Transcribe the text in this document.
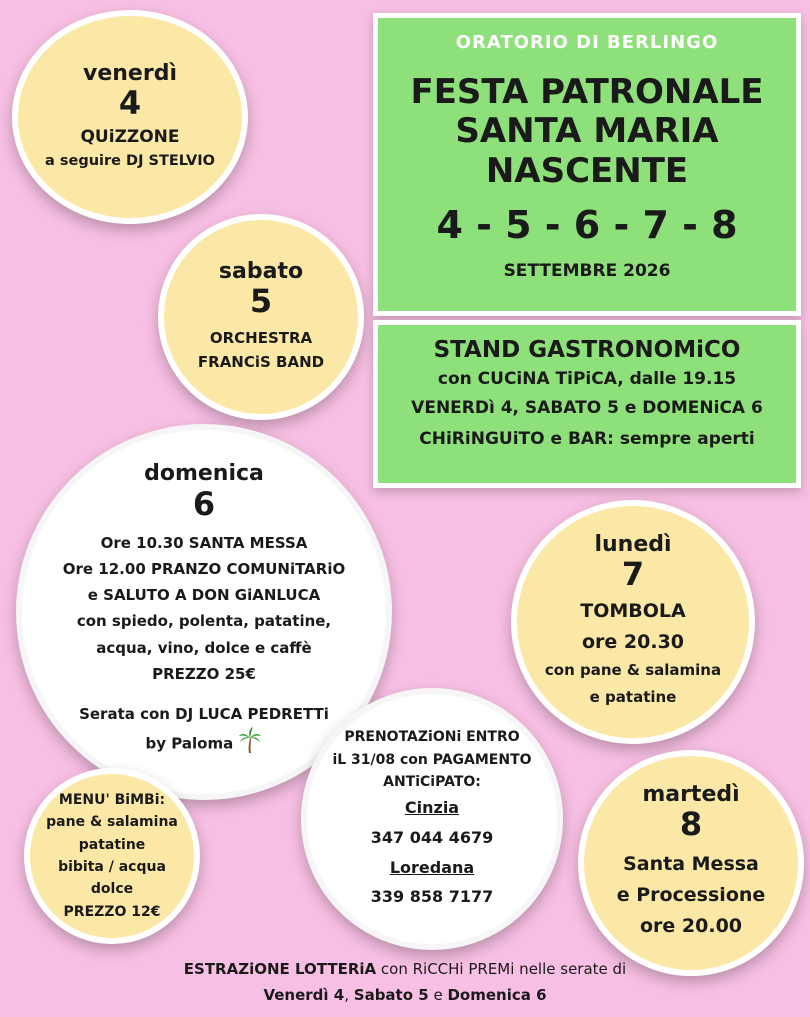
ORATORIO DI BERLINGO
FESTA PATRONALE
SANTA MARIA
NASCENTE
4 - 5 - 6 - 7 - 8
SETTEMBRE 2026
STAND GASTRONOMiCO
con CUCiNA TiPiCA, dalle 19.15
VENERDì 4, SABATO 5 e DOMENiCA 6
CHiRiNGUiTO e BAR: sempre aperti
venerdì
4
QUiZZONE
a seguire DJ STELVIO
sabato
5
ORCHESTRA
FRANCiS BAND
domenica
6
Ore 10.30 SANTA MESSA
Ore 12.00 PRANZO COMUNiTARiO
e SALUTO A DON GiANLUCA
con spiedo, polenta, patatine,
acqua, vino, dolce e caffè
PREZZO 25€
Serata con DJ LUCA PEDRETTi
by Paloma
MENU' BiMBi:
pane & salamina
patatine
bibita / acqua
dolce
PREZZO 12€
PRENOTAZiONi ENTRO
iL 31/08 con PAGAMENTO
ANTiCiPATO:
Cinzia
347 044 4679
Loredana
339 858 7177
lunedì
7
TOMBOLA
ore 20.30
con pane & salamina
e patatine
martedì
8
Santa Messa
e Processione
ore 20.00
ESTRAZiONE LOTTERiA con RiCCHi PREMi nelle serate di
Venerdì 4, Sabato 5 e Domenica 6
